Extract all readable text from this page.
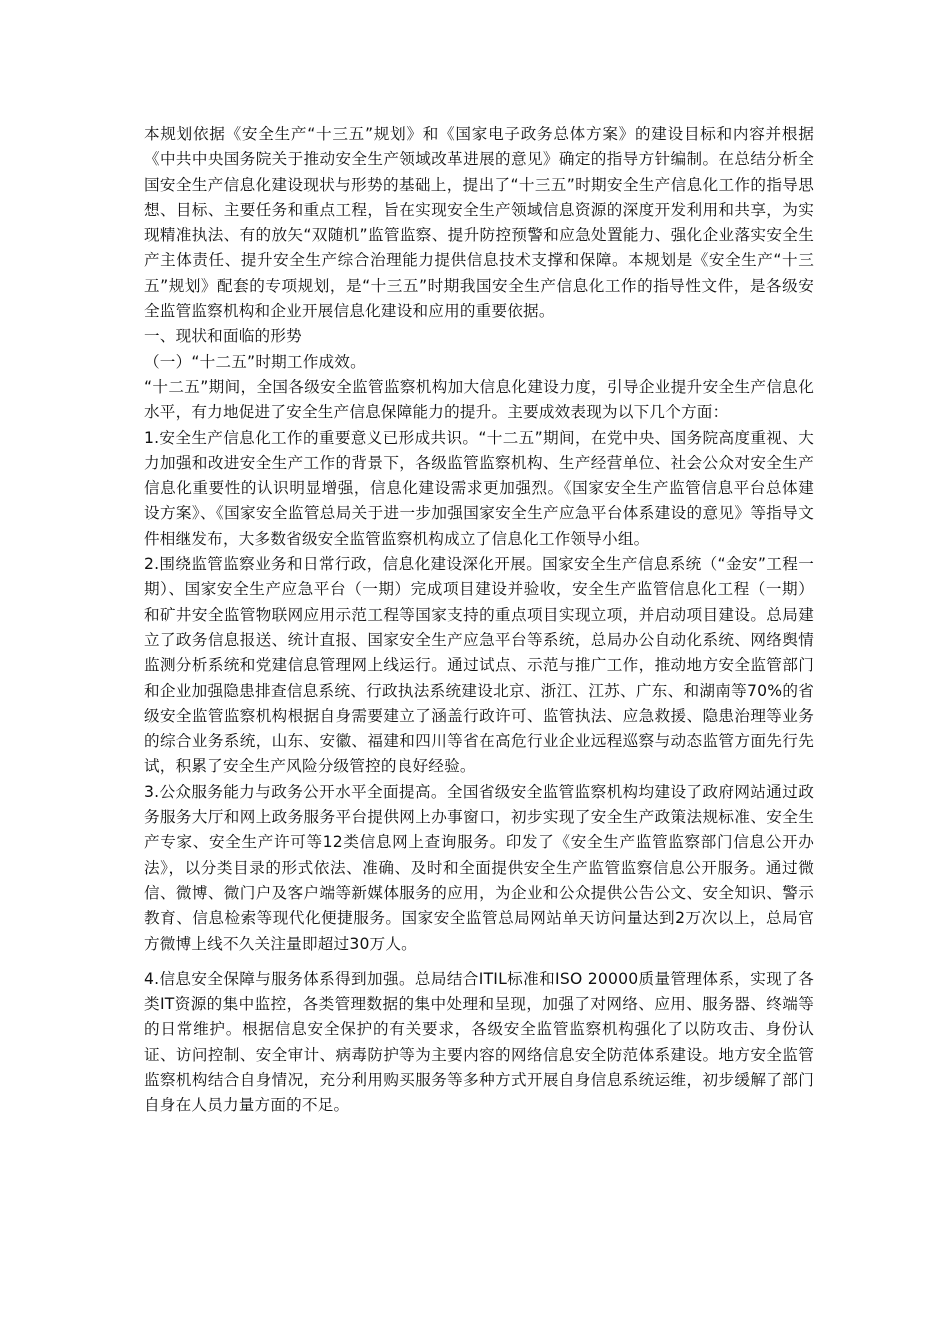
本规划依据《安全生产“十三五”规划》和《国家电子政务总体方案》的建设目标和内容并根据《中共中央国务院关于推动安全生产领域改革进展的意见》确定的指导方针编制。在总结分析全国安全生产信息化建设现状与形势的基础上，提出了“十三五”时期安全生产信息化工作的指导思想、目标、主要任务和重点工程，旨在实现安全生产领域信息资源的深度开发利用和共享，为实现精准执法、有的放矢“双随机”监管监察、提升防控预警和应急处置能力、强化企业落实安全生产主体责任、提升安全生产综合治理能力提供信息技术支撑和保障。本规划是《安全生产“十三五”规划》配套的专项规划，是“十三五”时期我国安全生产信息化工作的指导性文件，是各级安全监管监察机构和企业开展信息化建设和应用的重要依据。

一、现状和面临的形势

（一）“十二五”时期工作成效。

“十二五”期间，全国各级安全监管监察机构加大信息化建设力度，引导企业提升安全生产信息化水平，有力地促进了安全生产信息保障能力的提升。主要成效表现为以下几个方面：

1.安全生产信息化工作的重要意义已形成共识。“十二五”期间，在党中央、国务院高度重视、大力加强和改进安全生产工作的背景下，各级监管监察机构、生产经营单位、社会公众对安全生产信息化重要性的认识明显增强，信息化建设需求更加强烈。《国家安全生产监管信息平台总体建设方案》、《国家安全监管总局关于进一步加强国家安全生产应急平台体系建设的意见》等指导文件相继发布，大多数省级安全监管监察机构成立了信息化工作领导小组。

2.围绕监管监察业务和日常行政，信息化建设深化开展。国家安全生产信息系统（“金安”工程一期）、国家安全生产应急平台（一期）完成项目建设并验收，安全生产监管信息化工程（一期）和矿井安全监管物联网应用示范工程等国家支持的重点项目实现立项，并启动项目建设。总局建立了政务信息报送、统计直报、国家安全生产应急平台等系统，总局办公自动化系统、网络舆情监测分析系统和党建信息管理网上线运行。通过试点、示范与推广工作，推动地方安全监管部门和企业加强隐患排查信息系统、行政执法系统建设北京、浙江、江苏、广东、和湖南等70%的省级安全监管监察机构根据自身需要建立了涵盖行政许可、监管执法、应急救援、隐患治理等业务的综合业务系统，山东、安徽、福建和四川等省在高危行业企业远程巡察与动态监管方面先行先试，积累了安全生产风险分级管控的良好经验。

3.公众服务能力与政务公开水平全面提高。全国省级安全监管监察机构均建设了政府网站通过政务服务大厅和网上政务服务平台提供网上办事窗口，初步实现了安全生产政策法规标准、安全生产专家、安全生产许可等12类信息网上查询服务。印发了《安全生产监管监察部门信息公开办法》，以分类目录的形式依法、准确、及时和全面提供安全生产监管监察信息公开服务。通过微信、微博、微门户及客户端等新媒体服务的应用，为企业和公众提供公告公文、安全知识、警示教育、信息检索等现代化便捷服务。国家安全监管总局网站单天访问量达到2万次以上，总局官方微博上线不久关注量即超过30万人。

4.信息安全保障与服务体系得到加强。总局结合ITIL标准和ISO 20000质量管理体系，实现了各类IT资源的集中监控，各类管理数据的集中处理和呈现，加强了对网络、应用、服务器、终端等的日常维护。根据信息安全保护的有关要求，各级安全监管监察机构强化了以防攻击、身份认证、访问控制、安全审计、病毒防护等为主要内容的网络信息安全防范体系建设。地方安全监管监察机构结合自身情况，充分利用购买服务等多种方式开展自身信息系统运维，初步缓解了部门自身在人员力量方面的不足。
